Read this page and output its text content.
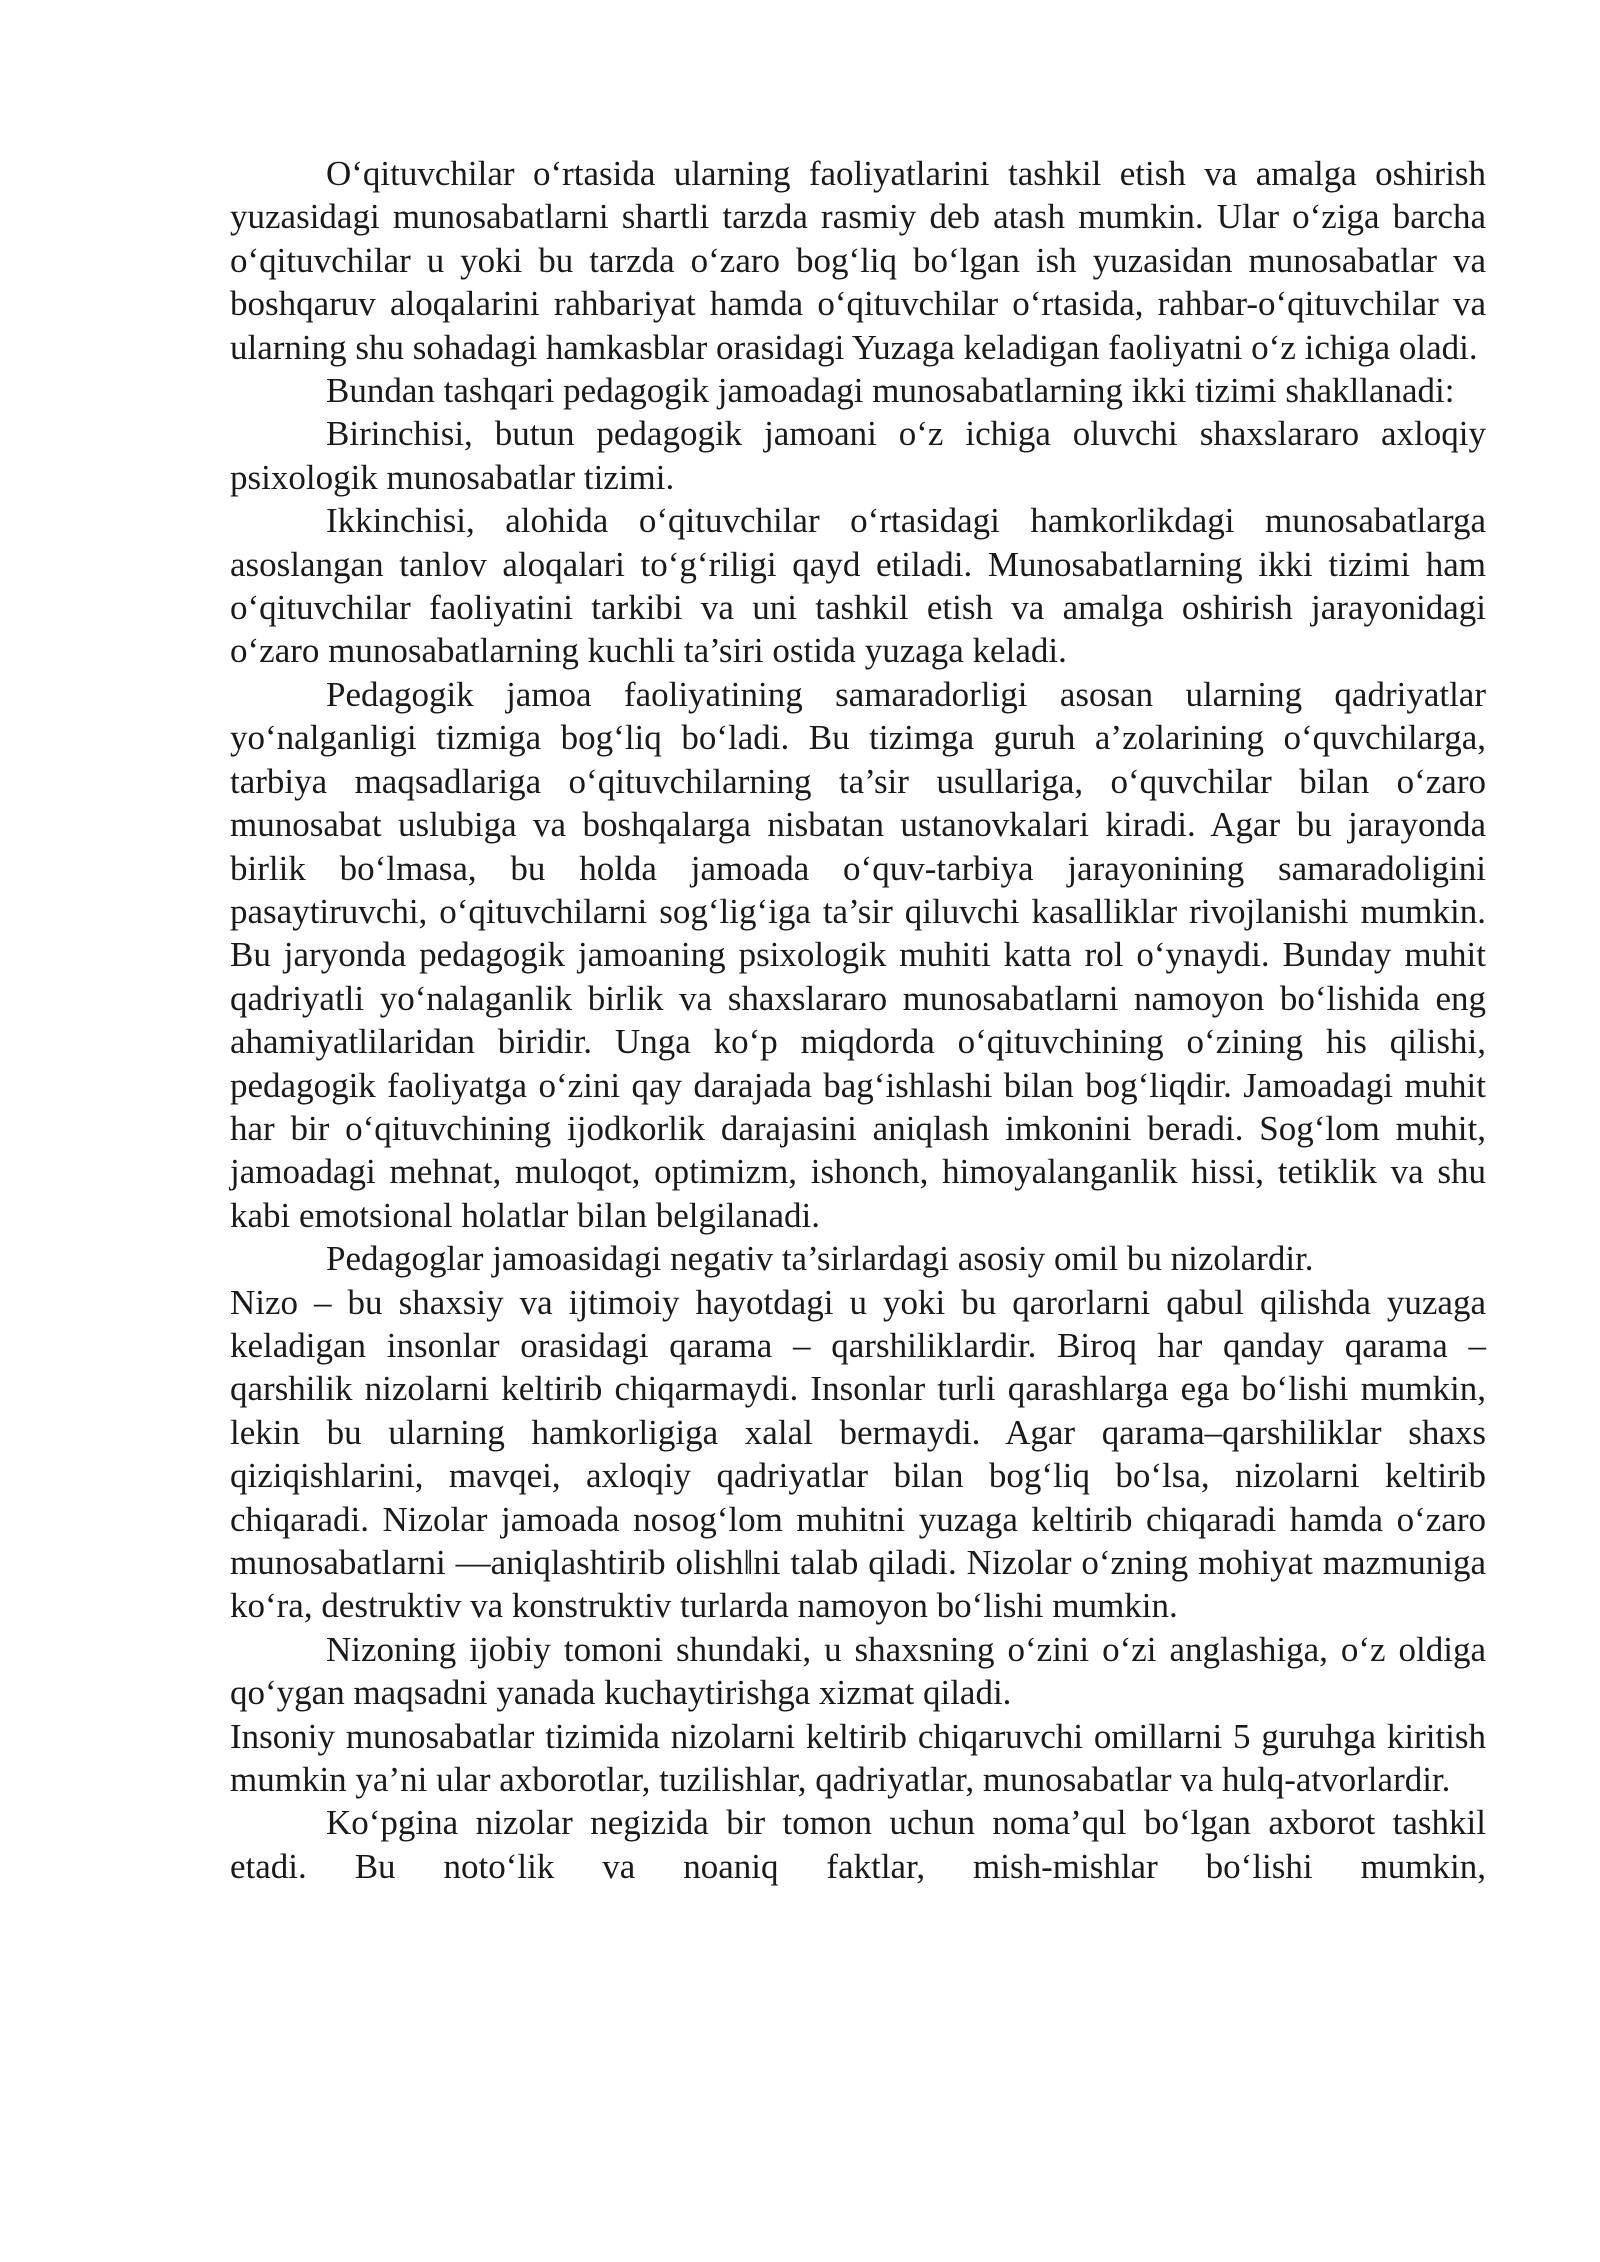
O‘qituvchilar o‘rtasida ularning faoliyatlarini tashkil etish va amalga oshirish yuzasidagi munosabatlarni shartli tarzda rasmiy deb atash mumkin. Ular o‘ziga barcha o‘qituvchilar u yoki bu tarzda o‘zaro bog‘liq bo‘lgan ish yuzasidan munosabatlar va boshqaruv aloqalarini rahbariyat hamda o‘qituvchilar o‘rtasida, rahbar-o‘qituvchilar va ularning shu sohadagi hamkasblar orasidagi Yuzaga keladigan faoliyatni o‘z ichiga oladi.

Bundan tashqari pedagogik jamoadagi munosabatlarning ikki tizimi shakllanadi:

Birinchisi, butun pedagogik jamoani o‘z ichiga oluvchi shaxslararo axloqiy psixologik munosabatlar tizimi.

Ikkinchisi, alohida o‘qituvchilar o‘rtasidagi hamkorlikdagi munosabatlarga asoslangan tanlov aloqalari to‘g‘riligi qayd etiladi. Munosabatlarning ikki tizimi ham o‘qituvchilar faoliyatini tarkibi va uni tashkil etish va amalga oshirish jarayonidagi o‘zaro munosabatlarning kuchli ta’siri ostida yuzaga keladi.

Pedagogik jamoa faoliyatining samaradorligi asosan ularning qadriyatlar yo‘nalganligi tizmiga bog‘liq bo‘ladi. Bu tizimga guruh a’zolarining o‘quvchilarga, tarbiya maqsadlariga o‘qituvchilarning ta’sir usullariga, o‘quvchilar bilan o‘zaro munosabat uslubiga va boshqalarga nisbatan ustanovkalari kiradi. Agar bu jarayonda birlik bo‘lmasa, bu holda jamoada o‘quv-tarbiya jarayonining samaradoligini pasaytiruvchi, o‘qituvchilarni sog‘lig‘iga ta’sir qiluvchi kasalliklar rivojlanishi mumkin. Bu jaryonda pedagogik jamoaning psixologik muhiti katta rol o‘ynaydi. Bunday muhit qadriyatli yo‘nalaganlik birlik va shaxslararo munosabatlarni namoyon bo‘lishida eng ahamiyatlilaridan biridir. Unga ko‘p miqdorda o‘qituvchining o‘zining his qilishi, pedagogik faoliyatga o‘zini qay darajada bag‘ishlashi bilan bog‘liqdir. Jamoadagi muhit har bir o‘qituvchining ijodkorlik darajasini aniqlash imkonini beradi. Sog‘lom muhit, jamoadagi mehnat, muloqot, optimizm, ishonch, himoyalanganlik hissi, tetiklik va shu kabi emotsional holatlar bilan belgilanadi.

Pedagoglar jamoasidagi negativ ta’sirlardagi asosiy omil bu nizolardir.

Nizo – bu shaxsiy va ijtimoiy hayotdagi u yoki bu qarorlarni qabul qilishda yuzaga keladigan insonlar orasidagi qarama – qarshiliklardir. Biroq har qanday qarama – qarshilik nizolarni keltirib chiqarmaydi. Insonlar turli qarashlarga ega bo‘lishi mumkin, lekin bu ularning hamkorligiga xalal bermaydi. Agar qarama–qarshiliklar shaxs qiziqishlarini, mavqei, axloqiy qadriyatlar bilan bog‘liq bo‘lsa, nizolarni keltirib chiqaradi. Nizolar jamoada nosog‘lom muhitni yuzaga keltirib chiqaradi hamda o‘zaro munosabatlarni ―aniqlashtirib olish‖ni talab qiladi. Nizolar o‘zning mohiyat mazmuniga ko‘ra, destruktiv va konstruktiv turlarda namoyon bo‘lishi mumkin.

Nizoning ijobiy tomoni shundaki, u shaxsning o‘zini o‘zi anglashiga, o‘z oldiga qo‘ygan maqsadni yanada kuchaytirishga xizmat qiladi.

Insoniy munosabatlar tizimida nizolarni keltirib chiqaruvchi omillarni 5 guruhga kiritish mumkin ya’ni ular axborotlar, tuzilishlar, qadriyatlar, munosabatlar va hulq-atvorlardir.

Ko‘pgina nizolar negizida bir tomon uchun noma’qul bo‘lgan axborot tashkil etadi. Bu noto‘lik va noaniq faktlar, mish-mishlar bo‘lishi mumkin,
